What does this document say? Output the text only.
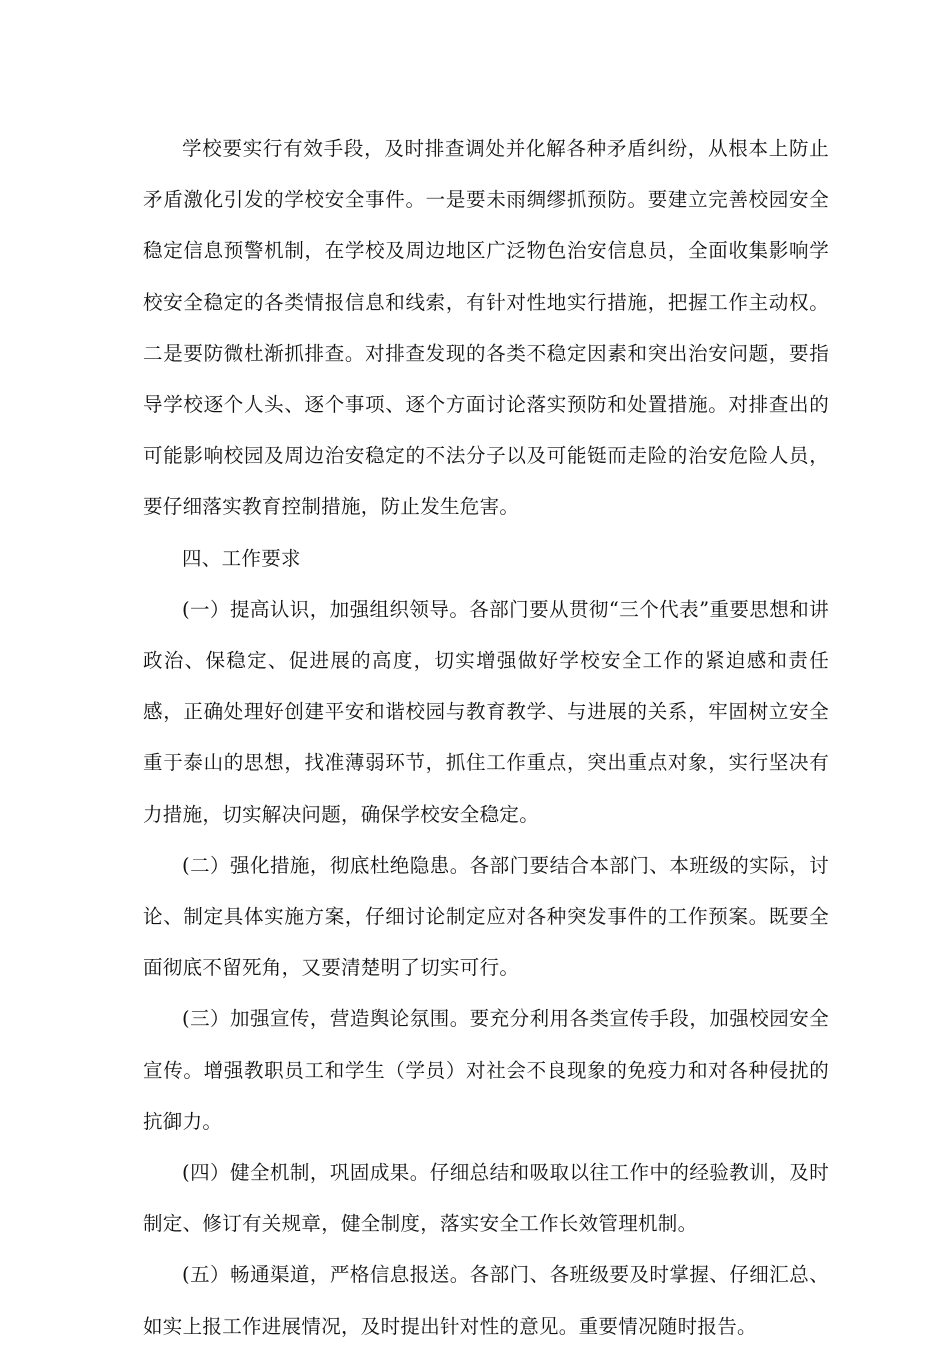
学校要实行有效手段，及时排查调处并化解各种矛盾纠纷，从根本上防止矛盾激化引发的学校安全事件。一是要未雨绸缪抓预防。要建立完善校园安全稳定信息预警机制，在学校及周边地区广泛物色治安信息员，全面收集影响学校安全稳定的各类情报信息和线索，有针对性地实行措施，把握工作主动权。二是要防微杜渐抓排查。对排查发现的各类不稳定因素和突出治安问题，要指导学校逐个人头、逐个事项、逐个方面讨论落实预防和处置措施。对排查出的可能影响校园及周边治安稳定的不法分子以及可能铤而走险的治安危险人员，要仔细落实教育控制措施，防止发生危害。

四、工作要求

(一）提高认识，加强组织领导。各部门要从贯彻“三个代表”重要思想和讲政治、保稳定、促进展的高度，切实增强做好学校安全工作的紧迫感和责任感，正确处理好创建平安和谐校园与教育教学、与进展的关系，牢固树立安全重于泰山的思想，找准薄弱环节，抓住工作重点，突出重点对象，实行坚决有力措施，切实解决问题，确保学校安全稳定。

(二）强化措施，彻底杜绝隐患。各部门要结合本部门、本班级的实际，讨论、制定具体实施方案，仔细讨论制定应对各种突发事件的工作预案。既要全面彻底不留死角，又要清楚明了切实可行。

(三）加强宣传，营造舆论氛围。要充分利用各类宣传手段，加强校园安全宣传。增强教职员工和学生（学员）对社会不良现象的免疫力和对各种侵扰的抗御力。

(四）健全机制，巩固成果。仔细总结和吸取以往工作中的经验教训，及时制定、修订有关规章，健全制度，落实安全工作长效管理机制。

(五）畅通渠道，严格信息报送。各部门、各班级要及时掌握、仔细汇总、如实上报工作进展情况，及时提出针对性的意见。重要情况随时报告。
